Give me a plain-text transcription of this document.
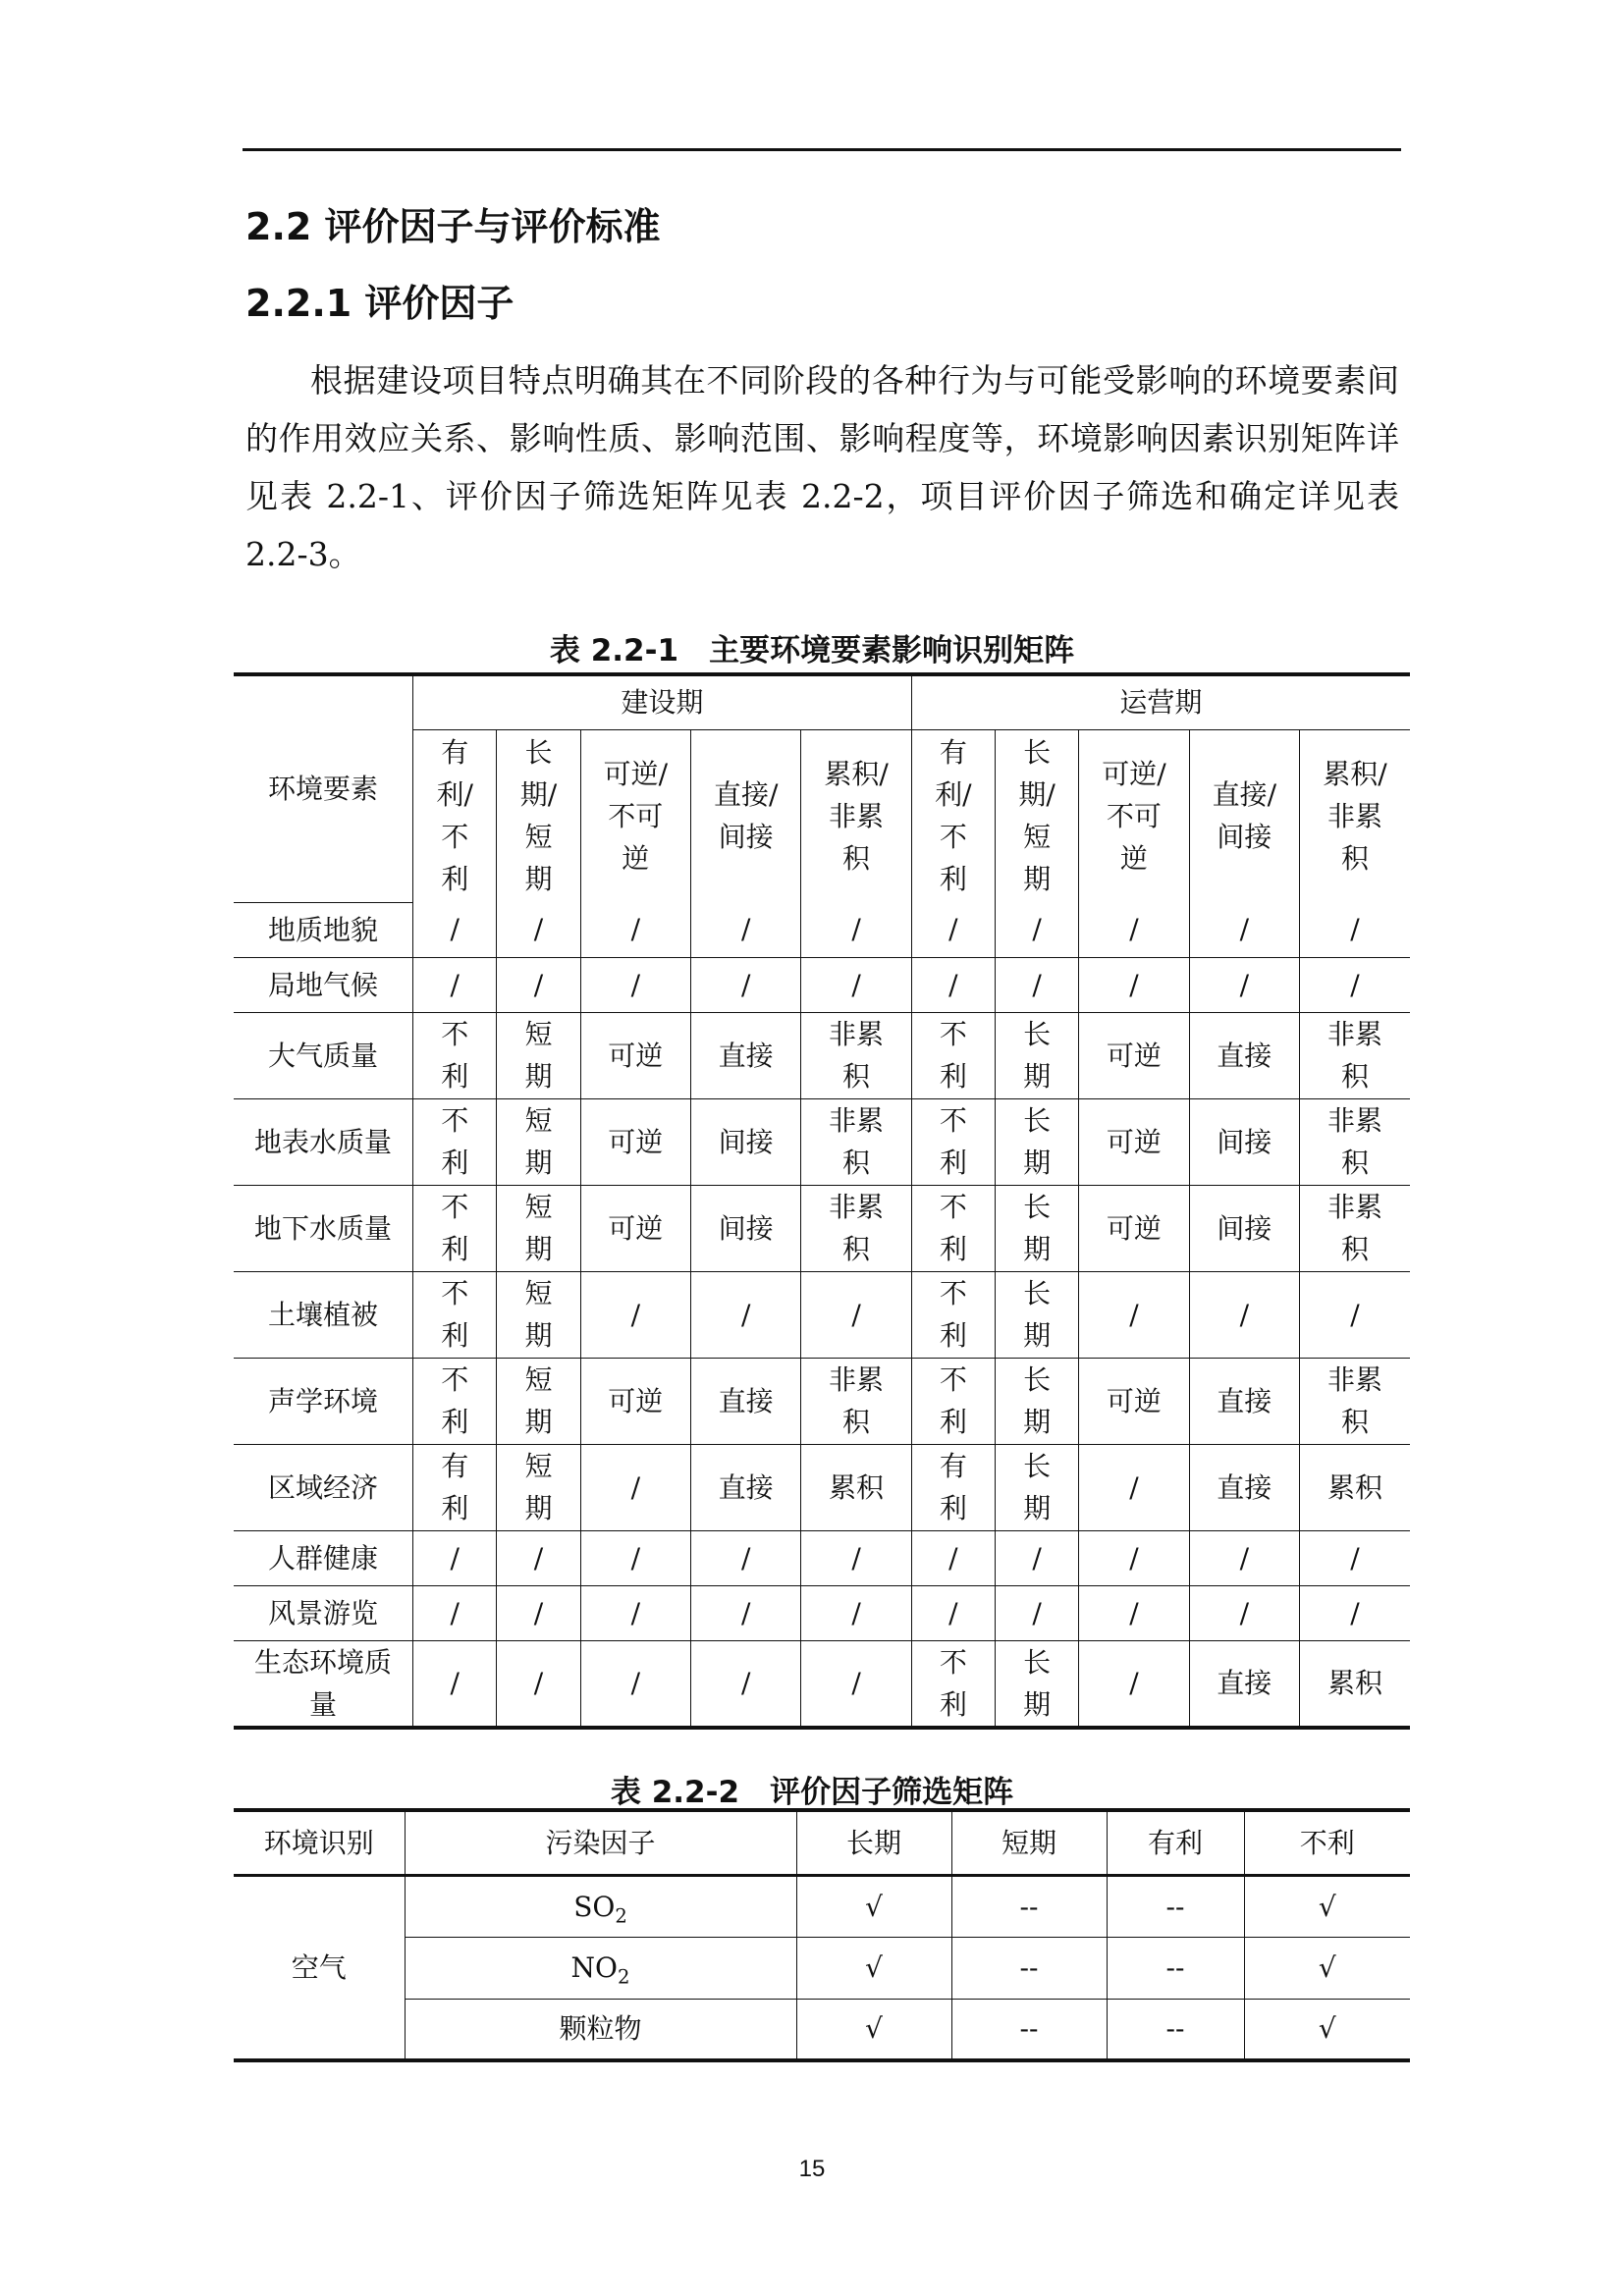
2.2 评价因子与评价标准
2.2.1 评价因子

根据建设项目特点明确其在不同阶段的各种行为与可能受影响的环境要素间的作用效应关系、影响性质、影响范围、影响程度等，环境影响因素识别矩阵详见表 2.2-1、评价因子筛选矩阵见表 2.2-2，项目评价因子筛选和确定详见表 2.2-3。

表 2.2-1　主要环境要素影响识别矩阵
环境要素	建设期					运营期				
	有
利/
不
利	长
期/
短
期	可逆/
不可
逆	直接/
间接	累积/
非累
积	有
利/
不
利	长
期/
短
期	可逆/
不可
逆	直接/
间接	累积/
非累
积
地质地貌	/	/	/	/	/	/	/	/	/	/
局地气候	/	/	/	/	/	/	/	/	/	/
大气质量	不
利	短
期	可逆	直接	非累
积	不
利	长
期	可逆	直接	非累
积
地表水质量	不
利	短
期	可逆	间接	非累
积	不
利	长
期	可逆	间接	非累
积
地下水质量	不
利	短
期	可逆	间接	非累
积	不
利	长
期	可逆	间接	非累
积
土壤植被	不
利	短
期	/	/	/	不
利	长
期	/	/	/
声学环境	不
利	短
期	可逆	直接	非累
积	不
利	长
期	可逆	直接	非累
积
区域经济	有
利	短
期	/	直接	累积	有
利	长
期	/	直接	累积
人群健康	/	/	/	/	/	/	/	/	/	/
风景游览	/	/	/	/	/	/	/	/	/	/
生态环境质
量	/	/	/	/	/	不
利	长
期	/	直接	累积
表 2.2-2　评价因子筛选矩阵
环境识别	污染因子	长期	短期	有利	不利
空气	$SO_2$	√	--	--	√
	$NO_2$	√	--	--	√
	颗粒物	√	--	--	√
15
